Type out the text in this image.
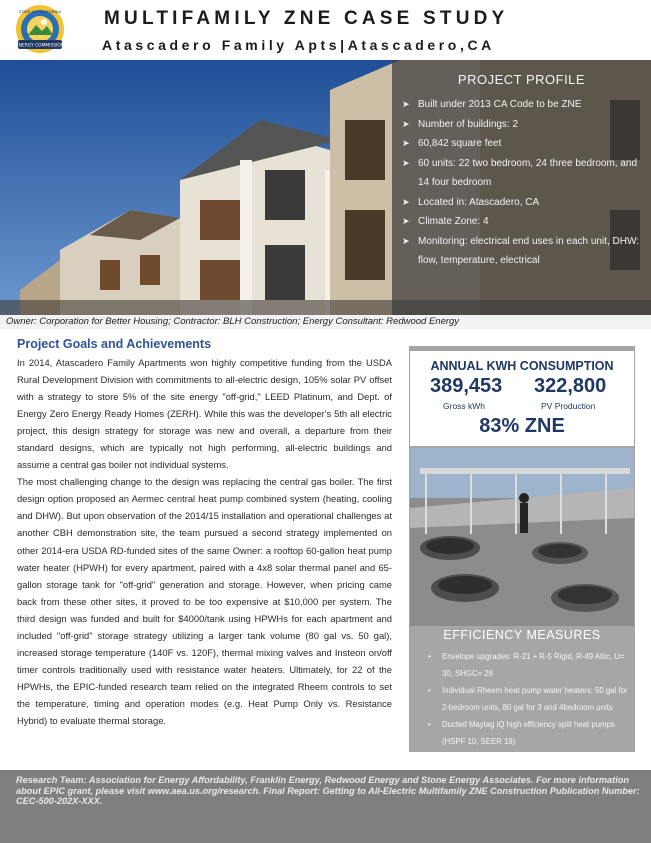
ENERGY COMMISSION
STATE OF CALIFORNIA MULTIFAMILY ZNE CASE STUDY
Atascadero Family Apts|Atascadero,CA
PROJECT PROFILE
➤ Built under 2013 CA Code to be ZNE
➤ Number of buildings: 2
➤ 60,842 square feet
➤ 60 units: 22 two bedroom, 24 three bedroom, and 14 four bedroom
➤ Located in: Atascadero, CA
➤ Climate Zone: 4
➤ Monitoring: electrical end uses in each unit, DHW: flow, temperature, electrical
Owner: Corporation for Better Housing; Contractor: BLH Construction; Energy Consultant: Redwood Energy
Project Goals and Achievements

In 2014, Atascadero Family Apartments won highly competitive funding from the USDA Rural Development Division with commitments to all-electric design, 105% solar PV offset with a strategy to store 5% of the site energy "off-grid," LEED Platinum, and Dept. of Energy Zero Energy Ready Homes (ZERH). While this was the developer's 5th all electric project, this design strategy for storage was new and overall, a departure from their standard designs, which are typically not high performing, all-electric buildings and assume a central gas boiler not individual systems.

The most challenging change to the design was replacing the central gas boiler. The first design option proposed an Aermec central heat pump combined system (heating, cooling and DHW). But upon observation of the 2014/15 installation and operational challenges at another CBH demonstration site, the team pursued a second strategy implemented on other 2014-era USDA RD-funded sites of the same Owner: a rooftop 60-gallon heat pump water heater (HPWH) for every apartment, paired with a 4x8 solar thermal panel and 65-gallon storage tank for "off-grid" generation and storage. However, when pricing came back from these other sites, it proved to be too expensive at $10,000 per system. The third design was funded and built for $4000/tank using HPWHs for each apartment and included "off-grid" storage strategy utilizing a larger tank volume (80 gal vs. 50 gal), increased storage temperature (140F vs. 120F), thermal mixing valves and Insteon on/off timer controls traditionally used with resistance water heaters. Ultimately, for 22 of the HPWHs, the EPIC-funded research team relied on the integrated Rheem controls to set the temperature, timing and operation modes (e.g. Heat Pump Only vs. Resistance Hybrid) to evaluate thermal storage.

ANNUAL KWH CONSUMPTION
389,453
Gross kWh
322,800
PV Production
83% ZNE
EFFICIENCY MEASURES
• Envelope upgrades: R-21 + R-5 Rigid, R-49 Attic, U= 30, SHGC= 28
• Individual Rheem heat pump water heaters: 50 gal for 2-bedroom units, 80 gal for 3 and 4bedroom units
• Ducted Maytag iQ high efficiency split heat pumps (HSPF 10, SEER 19)
Research Team: Association for Energy Affordability, Franklin Energy, Redwood Energy and Stone Energy Associates. For more information about EPIC grant, please visit www.aea.us.org/research. Final Report: Getting to All-Electric Multifamily ZNE Construction Publication Number: CEC-500-202X-XXX.
